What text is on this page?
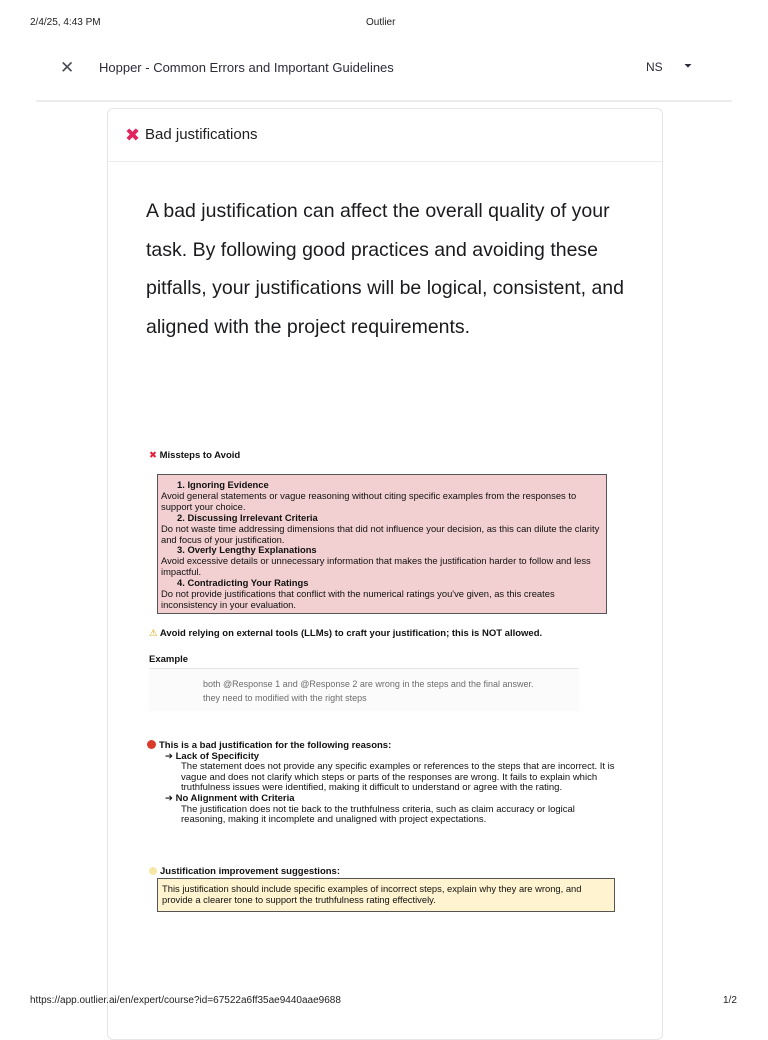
2/4/25, 4:43 PM	Outlier
✕ Hopper - Common Errors and Important Guidelines	NS ⏷
✖ Bad justifications
A bad justification can affect the overall quality of your task. By following good practices and avoiding these pitfalls, your justifications will be logical, consistent, and aligned with the project requirements.
✖ Missteps to Avoid
1. Ignoring Evidence
Avoid general statements or vague reasoning without citing specific examples from the responses to support your choice.
2. Discussing Irrelevant Criteria
Do not waste time addressing dimensions that did not influence your decision, as this can dilute the clarity and focus of your justification.
3. Overly Lengthy Explanations
Avoid excessive details or unnecessary information that makes the justification harder to follow and less impactful.
4. Contradicting Your Ratings
Do not provide justifications that conflict with the numerical ratings you've given, as this creates inconsistency in your evaluation.
⚠ Avoid relying on external tools (LLMs) to craft your justification; this is NOT allowed.
Example
both @Response 1 and @Response 2 are wrong in the steps and the final answer.
they need to modified with the right steps
This is a bad justification for the following reasons:
➔ Lack of Specificity
The statement does not provide any specific examples or references to the steps that are incorrect. It is vague and does not clarify which steps or parts of the responses are wrong. It fails to explain which truthfulness issues were identified, making it difficult to understand or agree with the rating.
➔ No Alignment with Criteria
The justification does not tie back to the truthfulness criteria, such as claim accuracy or logical reasoning, making it incomplete and unaligned with project expectations.
Justification improvement suggestions:
This justification should include specific examples of incorrect steps, explain why they are wrong, and provide a clearer tone to support the truthfulness rating effectively.
https://app.outlier.ai/en/expert/course?id=67522a6ff35ae9440aae9688	1/2
